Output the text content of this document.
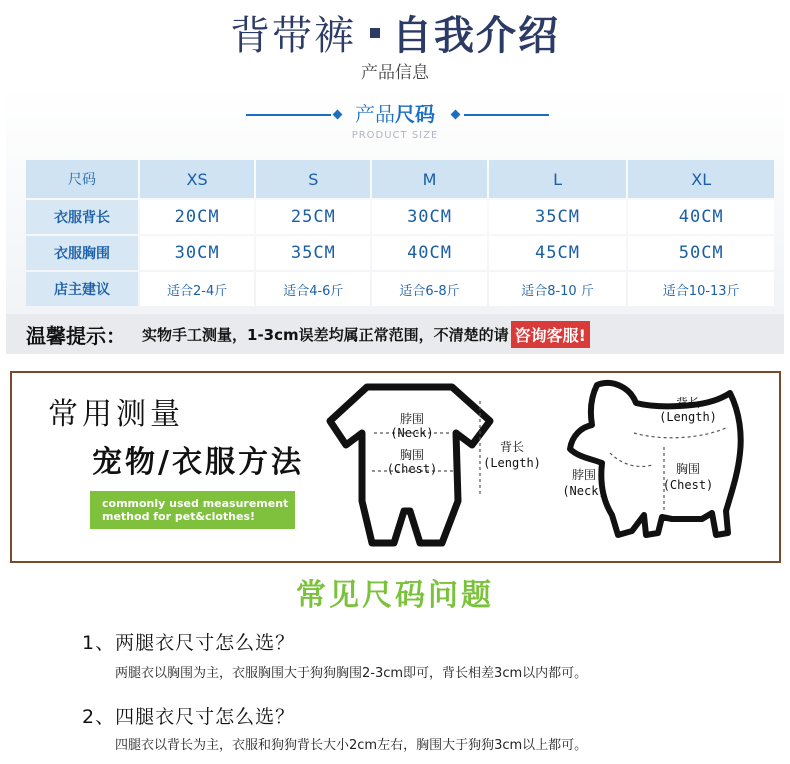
背带裤 自我介绍
产品信息
产品尺码
PRODUCT SIZE
尺码	XS	S	M	L	XL
衣服背长	20CM	25CM	30CM	35CM	40CM
衣服胸围	30CM	35CM	40CM	45CM	50CM
店主建议	适合2-4斤	适合4-6斤	适合6-8斤	适合8-10 斤	适合10-13斤
温馨提示： 实物手工测量，1-3cm误差均属正常范围，不清楚的请 咨询客服!
常用测量
宠物/衣服方法
commonly used measurement
method for pet&clothes!
脖围
(Neck)
胸围
(Chest)
背长
(Length)
背长
(Length)
脖围
(Neck)
胸围
(Chest)
常见尺码问题
1、两腿衣尺寸怎么选？
两腿衣以胸围为主，衣服胸围大于狗狗胸围2-3cm即可，背长相差3cm以内都可。
2、四腿衣尺寸怎么选？
四腿衣以背长为主，衣服和狗狗背长大小2cm左右，胸围大于狗狗3cm以上都可。
